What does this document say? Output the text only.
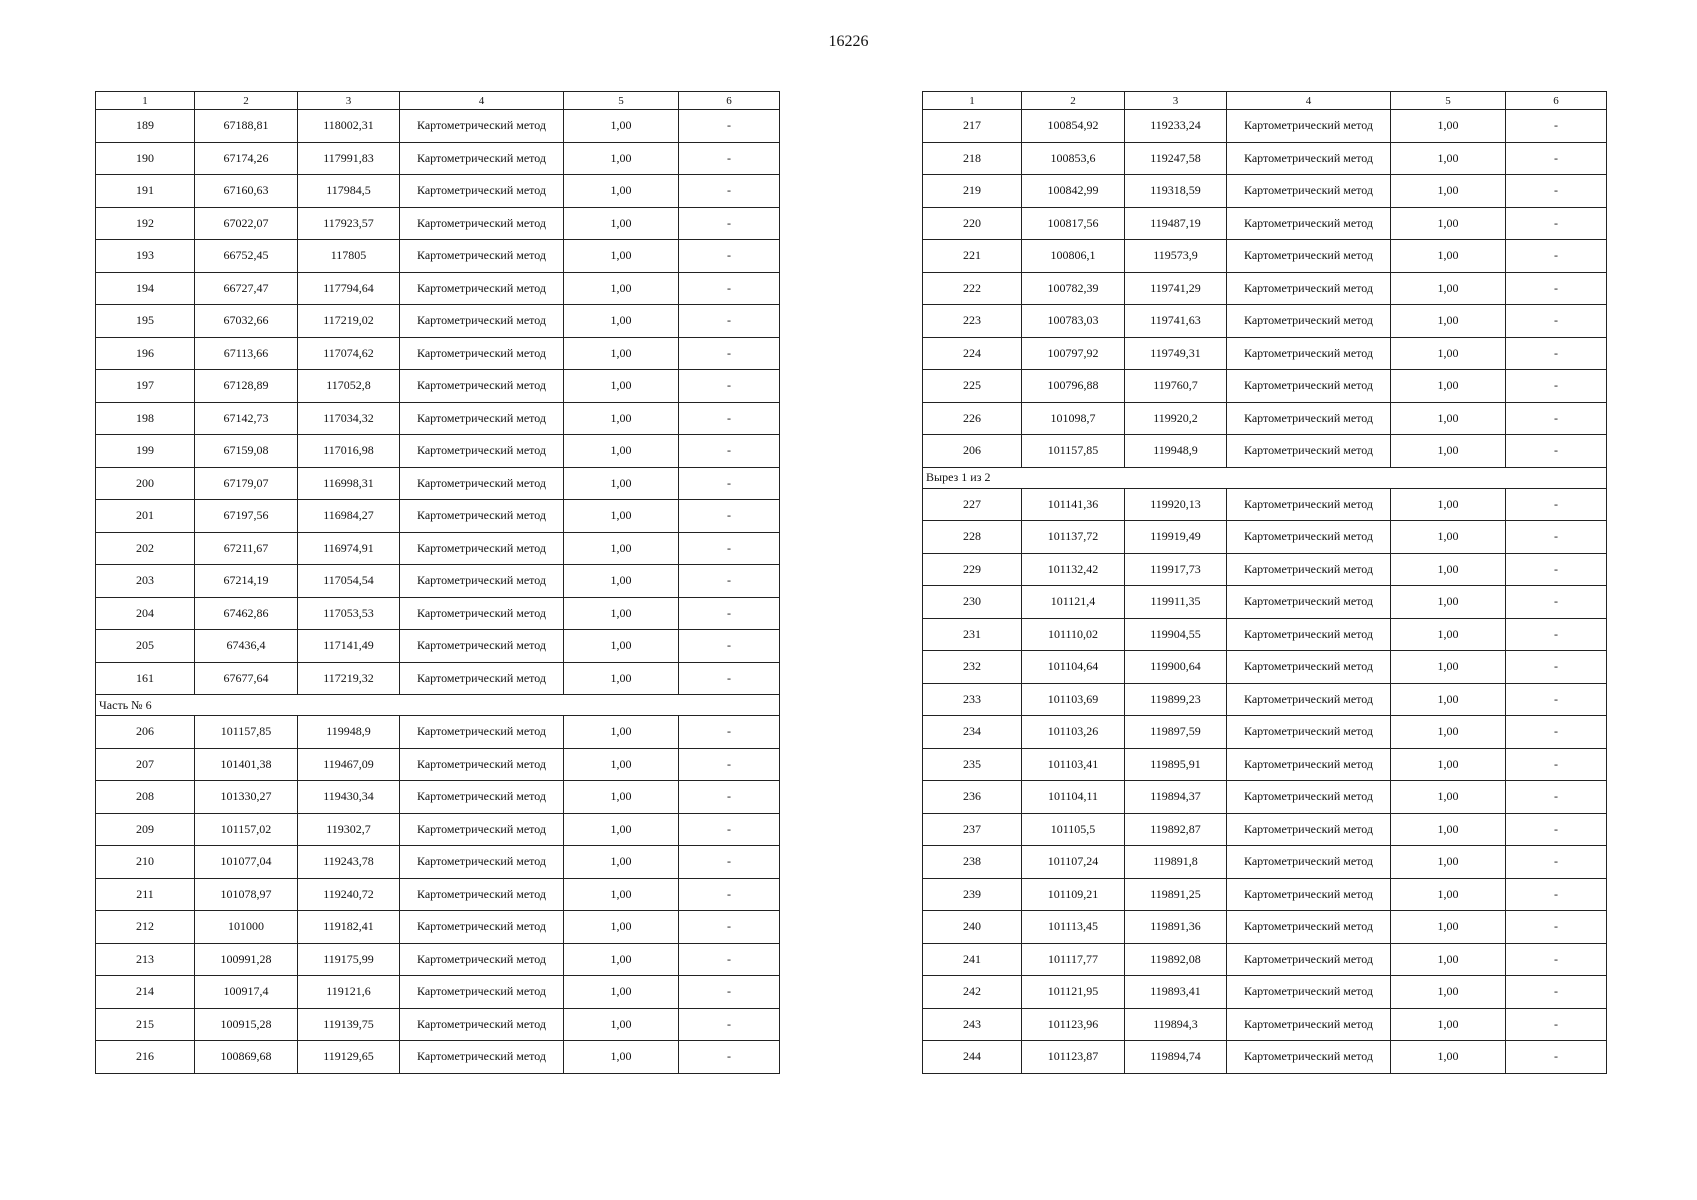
16226
1	2	3	4	5	6
189	67188,81	118002,31	Картометрический метод	1,00	-
190	67174,26	117991,83	Картометрический метод	1,00	-
191	67160,63	117984,5	Картометрический метод	1,00	-
192	67022,07	117923,57	Картометрический метод	1,00	-
193	66752,45	117805	Картометрический метод	1,00	-
194	66727,47	117794,64	Картометрический метод	1,00	-
195	67032,66	117219,02	Картометрический метод	1,00	-
196	67113,66	117074,62	Картометрический метод	1,00	-
197	67128,89	117052,8	Картометрический метод	1,00	-
198	67142,73	117034,32	Картометрический метод	1,00	-
199	67159,08	117016,98	Картометрический метод	1,00	-
200	67179,07	116998,31	Картометрический метод	1,00	-
201	67197,56	116984,27	Картометрический метод	1,00	-
202	67211,67	116974,91	Картометрический метод	1,00	-
203	67214,19	117054,54	Картометрический метод	1,00	-
204	67462,86	117053,53	Картометрический метод	1,00	-
205	67436,4	117141,49	Картометрический метод	1,00	-
161	67677,64	117219,32	Картометрический метод	1,00	-
Часть № 6					
206	101157,85	119948,9	Картометрический метод	1,00	-
207	101401,38	119467,09	Картометрический метод	1,00	-
208	101330,27	119430,34	Картометрический метод	1,00	-
209	101157,02	119302,7	Картометрический метод	1,00	-
210	101077,04	119243,78	Картометрический метод	1,00	-
211	101078,97	119240,72	Картометрический метод	1,00	-
212	101000	119182,41	Картометрический метод	1,00	-
213	100991,28	119175,99	Картометрический метод	1,00	-
214	100917,4	119121,6	Картометрический метод	1,00	-
215	100915,28	119139,75	Картометрический метод	1,00	-
216	100869,68	119129,65	Картометрический метод	1,00	-
1	2	3	4	5	6
217	100854,92	119233,24	Картометрический метод	1,00	-
218	100853,6	119247,58	Картометрический метод	1,00	-
219	100842,99	119318,59	Картометрический метод	1,00	-
220	100817,56	119487,19	Картометрический метод	1,00	-
221	100806,1	119573,9	Картометрический метод	1,00	-
222	100782,39	119741,29	Картометрический метод	1,00	-
223	100783,03	119741,63	Картометрический метод	1,00	-
224	100797,92	119749,31	Картометрический метод	1,00	-
225	100796,88	119760,7	Картометрический метод	1,00	-
226	101098,7	119920,2	Картометрический метод	1,00	-
206	101157,85	119948,9	Картометрический метод	1,00	-
Вырез 1 из 2					
227	101141,36	119920,13	Картометрический метод	1,00	-
228	101137,72	119919,49	Картометрический метод	1,00	-
229	101132,42	119917,73	Картометрический метод	1,00	-
230	101121,4	119911,35	Картометрический метод	1,00	-
231	101110,02	119904,55	Картометрический метод	1,00	-
232	101104,64	119900,64	Картометрический метод	1,00	-
233	101103,69	119899,23	Картометрический метод	1,00	-
234	101103,26	119897,59	Картометрический метод	1,00	-
235	101103,41	119895,91	Картометрический метод	1,00	-
236	101104,11	119894,37	Картометрический метод	1,00	-
237	101105,5	119892,87	Картометрический метод	1,00	-
238	101107,24	119891,8	Картометрический метод	1,00	-
239	101109,21	119891,25	Картометрический метод	1,00	-
240	101113,45	119891,36	Картометрический метод	1,00	-
241	101117,77	119892,08	Картометрический метод	1,00	-
242	101121,95	119893,41	Картометрический метод	1,00	-
243	101123,96	119894,3	Картометрический метод	1,00	-
244	101123,87	119894,74	Картометрический метод	1,00	-
